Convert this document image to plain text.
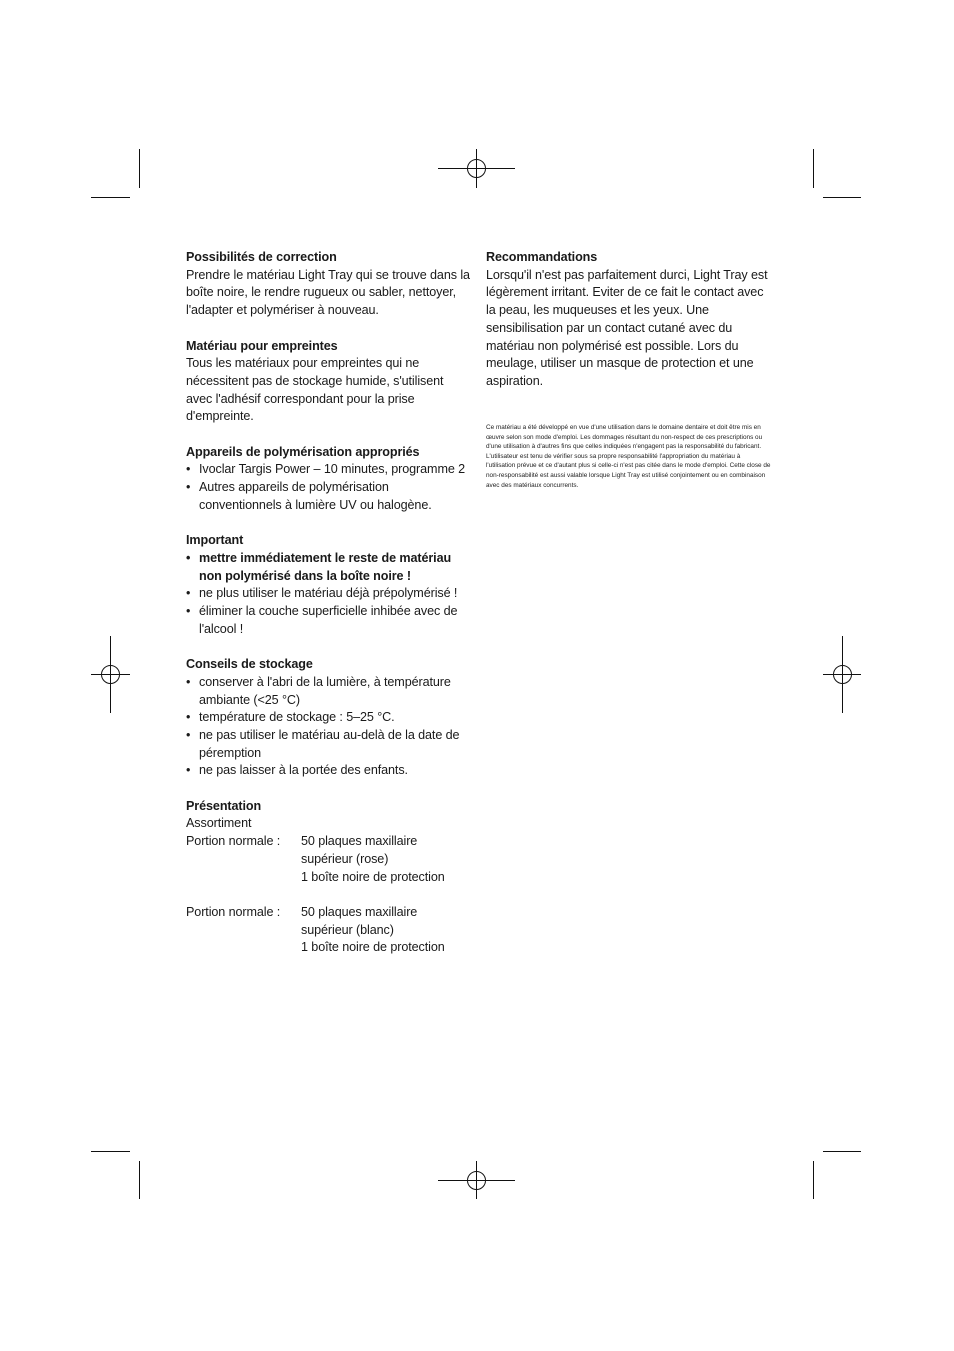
Possibilités de correction
Prendre le matériau Light Tray qui se trouve dans la boîte noire, le rendre rugueux ou sabler, nettoyer, l'adapter et polymériser à nouveau.
Matériau pour empreintes
Tous les matériaux pour empreintes qui ne nécessitent pas de stockage humide, s'utilisent avec l'adhésif correspondant pour la prise d'empreinte.
Appareils de polymérisation appropriés
• Ivoclar Targis Power – 10 minutes, programme 2
• Autres appareils de polymérisation conventionnels à lumière UV ou halogène.
Important
• mettre immédiatement le reste de matériau non polymérisé dans la boîte noire !
• ne plus utiliser le matériau déjà prépolymérisé !
• éliminer la couche superficielle inhibée avec de l'alcool !
Conseils de stockage
• conserver à l'abri de la lumière, à température ambiante (<25 °C)
• température de stockage : 5–25 °C.
• ne pas utiliser le matériau au-delà de la date de péremption
• ne pas laisser à la portée des enfants.
Présentation
Assortiment
Portion normale :	50 plaques maxillaire
supérieur (rose)
1 boîte noire de protection
Portion normale :	50 plaques maxillaire
supérieur (blanc)
1 boîte noire de protection
Recommandations
Lorsqu'il n'est pas parfaitement durci, Light Tray est légèrement irritant. Eviter de ce fait le contact avec la peau, les muqueuses et les yeux. Une sensibilisation par un contact cutané avec du matériau non polymérisé est possible. Lors du meulage, utiliser un masque de protection et une aspiration.
Ce matériau a été développé en vue d'une utilisation dans le domaine dentaire et doit être mis en œuvre selon son mode d'emploi. Les dommages résultant du non-respect de ces prescriptions ou d'une utilisation à d'autres fins que celles indiquées n'engagent pas la responsabilité du fabricant. L'utilisateur est tenu de vérifier sous sa propre responsabilité l'appropriation du matériau à l'utilisation prévue et ce d'autant plus si celle-ci n'est pas citée dans le mode d'emploi. Cette close de non-responsabilité est aussi valable lorsque Light Tray est utilisé conjointement ou en combinaison avec des matériaux concurrents.
